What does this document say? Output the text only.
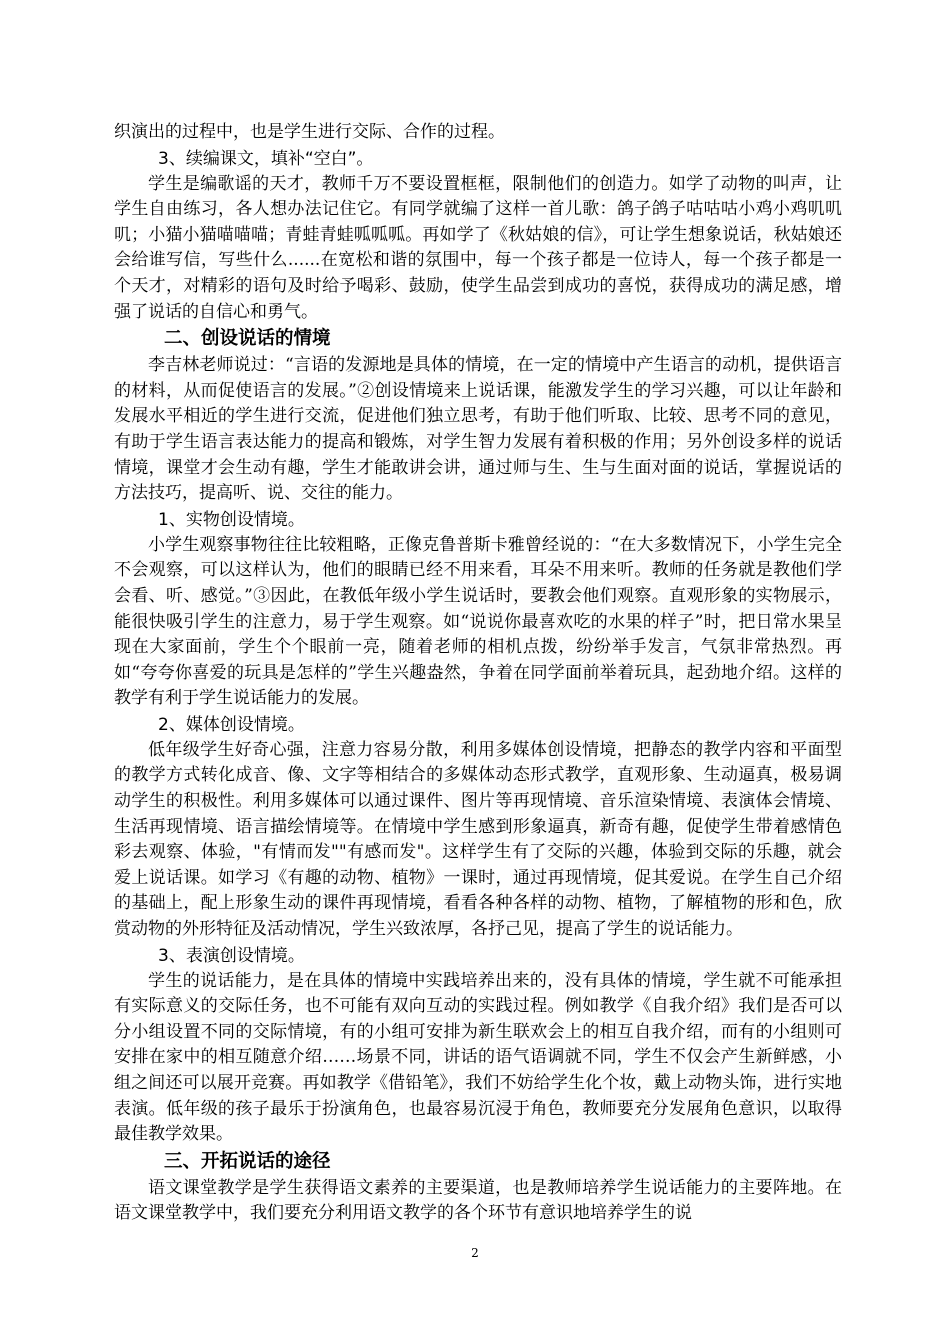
织演出的过程中，也是学生进行交际、合作的过程。

3、续编课文，填补“空白”。

学生是编歌谣的天才，教师千万不要设置框框，限制他们的创造力。如学了动物的叫声，让学生自由练习，各人想办法记住它。有同学就编了这样一首儿歌：鸽子鸽子咕咕咕小鸡小鸡叽叽叽；小猫小猫喵喵喵；青蛙青蛙呱呱呱。再如学了《秋姑娘的信》，可让学生想象说话，秋姑娘还会给谁写信，写些什么......在宽松和谐的氛围中，每一个孩子都是一位诗人，每一个孩子都是一个天才，对精彩的语句及时给予喝彩、鼓励，使学生品尝到成功的喜悦，获得成功的满足感，增强了说话的自信心和勇气。

二、创设说话的情境

李吉林老师说过：“言语的发源地是具体的情境，在一定的情境中产生语言的动机，提供语言的材料，从而促使语言的发展。”②创设情境来上说话课，能激发学生的学习兴趣，可以让年龄和发展水平相近的学生进行交流，促进他们独立思考，有助于他们听取、比较、思考不同的意见，有助于学生语言表达能力的提高和锻炼，对学生智力发展有着积极的作用；另外创设多样的说话情境，课堂才会生动有趣，学生才能敢讲会讲，通过师与生、生与生面对面的说话，掌握说话的方法技巧，提高听、说、交往的能力。

1、实物创设情境。

小学生观察事物往往比较粗略，正像克鲁普斯卡雅曾经说的：“在大多数情况下，小学生完全不会观察，可以这样认为，他们的眼睛已经不用来看，耳朵不用来听。教师的任务就是教他们学会看、听、感觉。”③因此，在教低年级小学生说话时，要教会他们观察。直观形象的实物展示，能很快吸引学生的注意力，易于学生观察。如“说说你最喜欢吃的水果的样子”时，把日常水果呈现在大家面前，学生个个眼前一亮，随着老师的相机点拨，纷纷举手发言，气氛非常热烈。再如“夸夸你喜爱的玩具是怎样的”学生兴趣盎然，争着在同学面前举着玩具，起劲地介绍。这样的教学有利于学生说话能力的发展。

2、媒体创设情境。

低年级学生好奇心强，注意力容易分散，利用多媒体创设情境，把静态的教学内容和平面型的教学方式转化成音、像、文字等相结合的多媒体动态形式教学，直观形象、生动逼真，极易调动学生的积极性。利用多媒体可以通过课件、图片等再现情境、音乐渲染情境、表演体会情境、生活再现情境、语言描绘情境等。在情境中学生感到形象逼真，新奇有趣，促使学生带着感情色彩去观察、体验，"有情而发""有感而发"。这样学生有了交际的兴趣，体验到交际的乐趣，就会爱上说话课。如学习《有趣的动物、植物》一课时，通过再现情境，促其爱说。在学生自己介绍的基础上，配上形象生动的课件再现情境，看看各种各样的动物、植物，了解植物的形和色，欣赏动物的外形特征及活动情况，学生兴致浓厚，各抒己见，提高了学生的说话能力。

3、表演创设情境。

学生的说话能力，是在具体的情境中实践培养出来的，没有具体的情境，学生就不可能承担有实际意义的交际任务，也不可能有双向互动的实践过程。例如教学《自我介绍》我们是否可以分小组设置不同的交际情境，有的小组可安排为新生联欢会上的相互自我介绍，而有的小组则可安排在家中的相互随意介绍……场景不同，讲话的语气语调就不同，学生不仅会产生新鲜感，小组之间还可以展开竞赛。再如教学《借铅笔》，我们不妨给学生化个妆，戴上动物头饰，进行实地表演。低年级的孩子最乐于扮演角色，也最容易沉浸于角色，教师要充分发展角色意识，以取得最佳教学效果。

三、开拓说话的途径

语文课堂教学是学生获得语文素养的主要渠道，也是教师培养学生说话能力的主要阵地。在语文课堂教学中，我们要充分利用语文教学的各个环节有意识地培养学生的说

2
